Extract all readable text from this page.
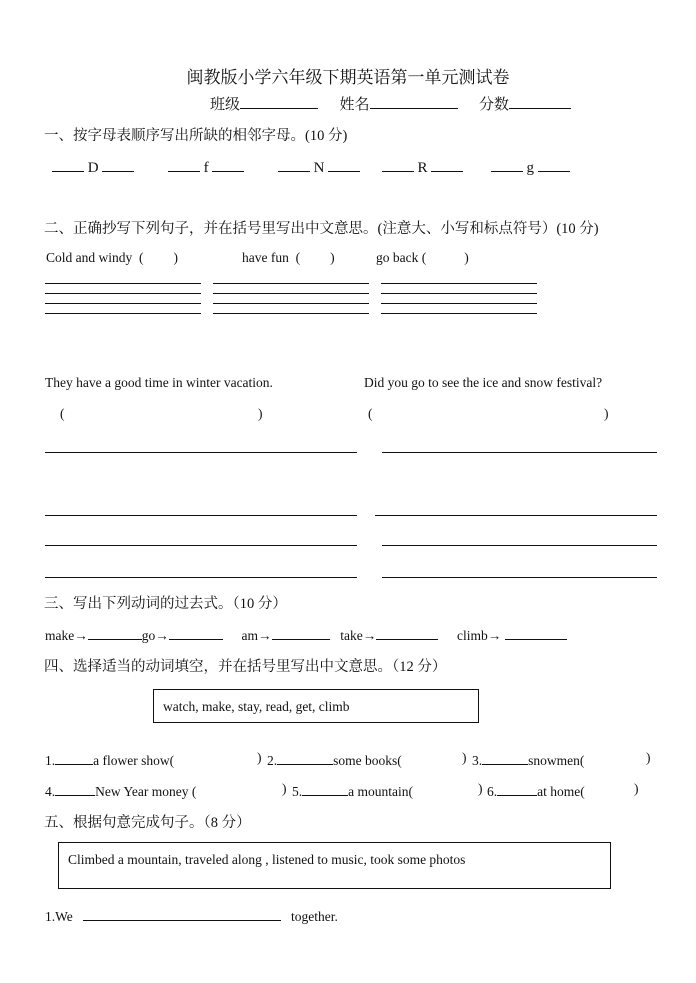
闽教版小学六年级下期英语第一单元测试卷
班级	姓名	分数
一、按字母表顺序写出所缺的相邻字母。(10 分)
D	f	N	R	g
二、正确抄写下列句子，并在括号里写出中文意思。(注意大、小写和标点符号）(10 分)
Cold and windy ( )	have fun ( )	go back (	)
They have a good time in winter vacation.	Did you go to see the ice and snow festival?
(	)	(	)
三、写出下列动词的过去式。（10 分）
make→	go→	am→	take→	climb→
四、选择适当的动词填空，并在括号里写出中文意思。（12 分）
watch, make, stay, read, get, climb
1.	a flower show(	) 2.	some books(	) 3.	snowmen(	)
4.	New Year money (	) 5.	a mountain(	) 6.	at home(	)
五、根据句意完成句子。（8 分）
Climbed a mountain, traveled along , listened to music, took some photos
1.We	together.
